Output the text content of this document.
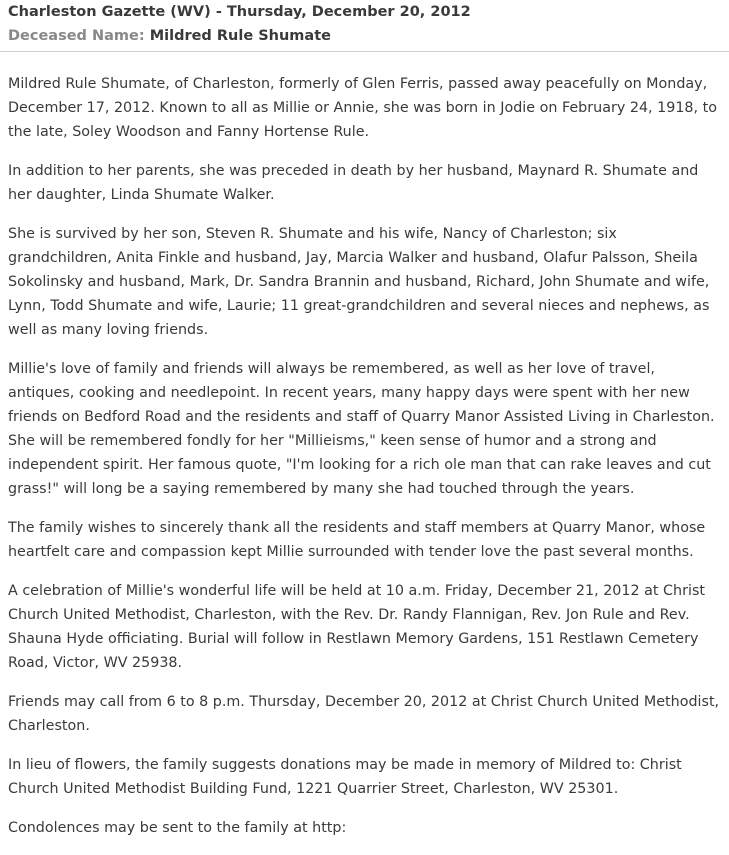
Charleston Gazette (WV) - Thursday, December 20, 2012
Deceased Name: Mildred Rule Shumate

Mildred Rule Shumate, of Charleston, formerly of Glen Ferris, passed away peacefully on Monday, December 17, 2012. Known to all as Millie or Annie, she was born in Jodie on February 24, 1918, to the late, Soley Woodson and Fanny Hortense Rule.

In addition to her parents, she was preceded in death by her husband, Maynard R. Shumate and her daughter, Linda Shumate Walker.

She is survived by her son, Steven R. Shumate and his wife, Nancy of Charleston; six grandchildren, Anita Finkle and husband, Jay, Marcia Walker and husband, Olafur Palsson, Sheila Sokolinsky and husband, Mark, Dr. Sandra Brannin and husband, Richard, John Shumate and wife, Lynn, Todd Shumate and wife, Laurie; 11 great-grandchildren and several nieces and nephews, as well as many loving friends.

Millie's love of family and friends will always be remembered, as well as her love of travel, antiques, cooking and needlepoint. In recent years, many happy days were spent with her new friends on Bedford Road and the residents and staff of Quarry Manor Assisted Living in Charleston. She will be remembered fondly for her "Millieisms," keen sense of humor and a strong and independent spirit. Her famous quote, "I'm looking for a rich ole man that can rake leaves and cut grass!" will long be a saying remembered by many she had touched through the years.

The family wishes to sincerely thank all the residents and staff members at Quarry Manor, whose heartfelt care and compassion kept Millie surrounded with tender love the past several months.

A celebration of Millie's wonderful life will be held at 10 a.m. Friday, December 21, 2012 at Christ Church United Methodist, Charleston, with the Rev. Dr. Randy Flannigan, Rev. Jon Rule and Rev. Shauna Hyde officiating. Burial will follow in Restlawn Memory Gardens, 151 Restlawn Cemetery Road, Victor, WV 25938.

Friends may call from 6 to 8 p.m. Thursday, December 20, 2012 at Christ Church United Methodist, Charleston.

In lieu of flowers, the family suggests donations may be made in memory of Mildred to: Christ Church United Methodist Building Fund, 1221 Quarrier Street, Charleston, WV 25301.

Condolences may be sent to the family at http:
